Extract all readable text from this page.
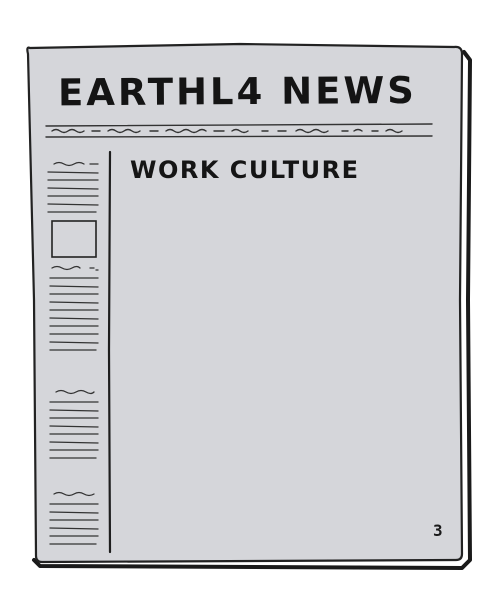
EARTHL4 NEWS
WORK CULTURE
3
